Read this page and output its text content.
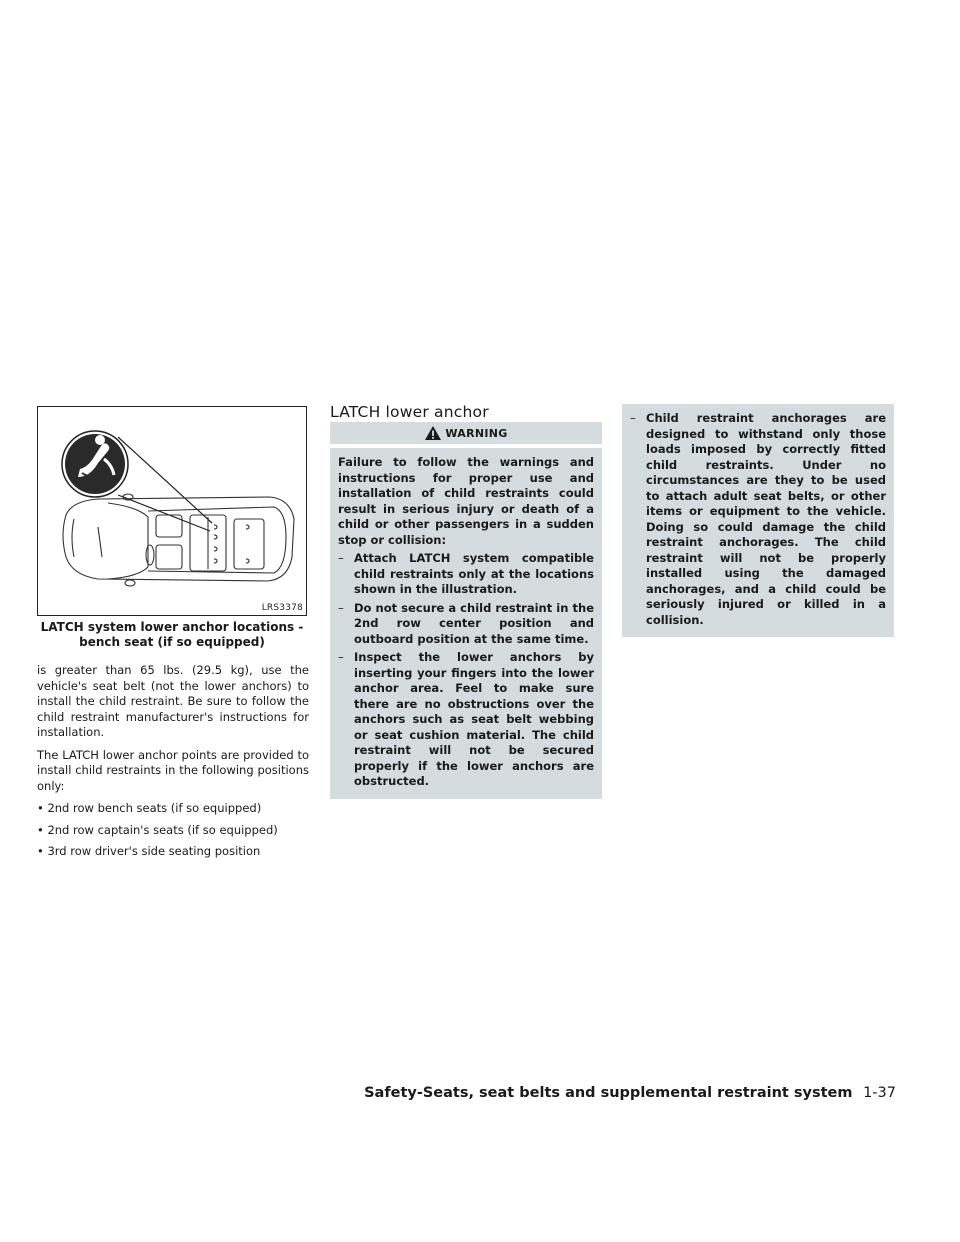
LRS3378
LATCH system lower anchor locations - bench seat (if so equipped)

is greater than 65 lbs. (29.5 kg), use the vehicle's seat belt (not the lower anchors) to install the child restraint. Be sure to follow the child restraint manufacturer's instructions for installation.

The LATCH lower anchor points are provided to install child restraints in the following positions only:

• 2nd row bench seats (if so equipped)
• 2nd row captain's seats (if so equipped)
• 3rd row driver's side seating position
LATCH lower anchor
WARNING

Failure to follow the warnings and instructions for proper use and installation of child restraints could result in serious injury or death of a child or other passengers in a sudden stop or collision:

– Attach LATCH system compatible child restraints only at the locations shown in the illustration.
– Do not secure a child restraint in the 2nd row center position and outboard position at the same time.
– Inspect the lower anchors by inserting your fingers into the lower anchor area. Feel to make sure there are no obstructions over the anchors such as seat belt webbing or seat cushion material. The child restraint will not be secured properly if the lower anchors are obstructed.
– Child restraint anchorages are designed to withstand only those loads imposed by correctly fitted child restraints. Under no circumstances are they to be used to attach adult seat belts, or other items or equipment to the vehicle. Doing so could damage the child restraint anchorages. The child restraint will not be properly installed using the damaged anchorages, and a child could be seriously injured or killed in a collision.
Safety-Seats, seat belts and supplemental restraint system 1-37
